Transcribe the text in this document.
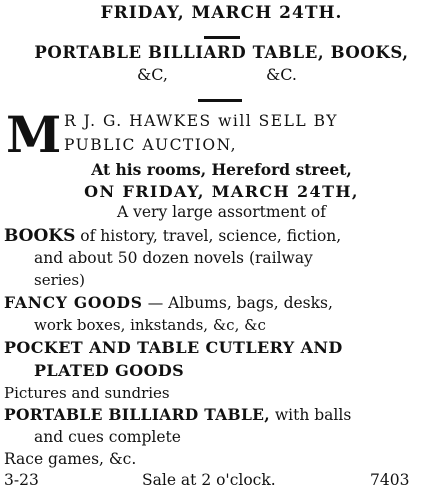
FRIDAY, MARCH 24TH.
PORTABLE BILLIARD TABLE, BOOKS,
&C,	&C.
M R J. G. HAWKES will SELL BY
PUBLIC AUCTION,
At his rooms, Hereford street,
ON FRIDAY, MARCH 24TH,
A very large assortment of
BOOKS of history, travel, science, fiction,
and about 50 dozen novels (railway
series)
FANCY GOODS — Albums, bags, desks,
work boxes, inkstands, &c, &c
POCKET AND TABLE CUTLERY AND
PLATED GOODS
Pictures and sundries
PORTABLE BILLIARD TABLE, with balls
and cues complete
Race games, &c.
3-23	Sale at 2 o'clock.	7403
